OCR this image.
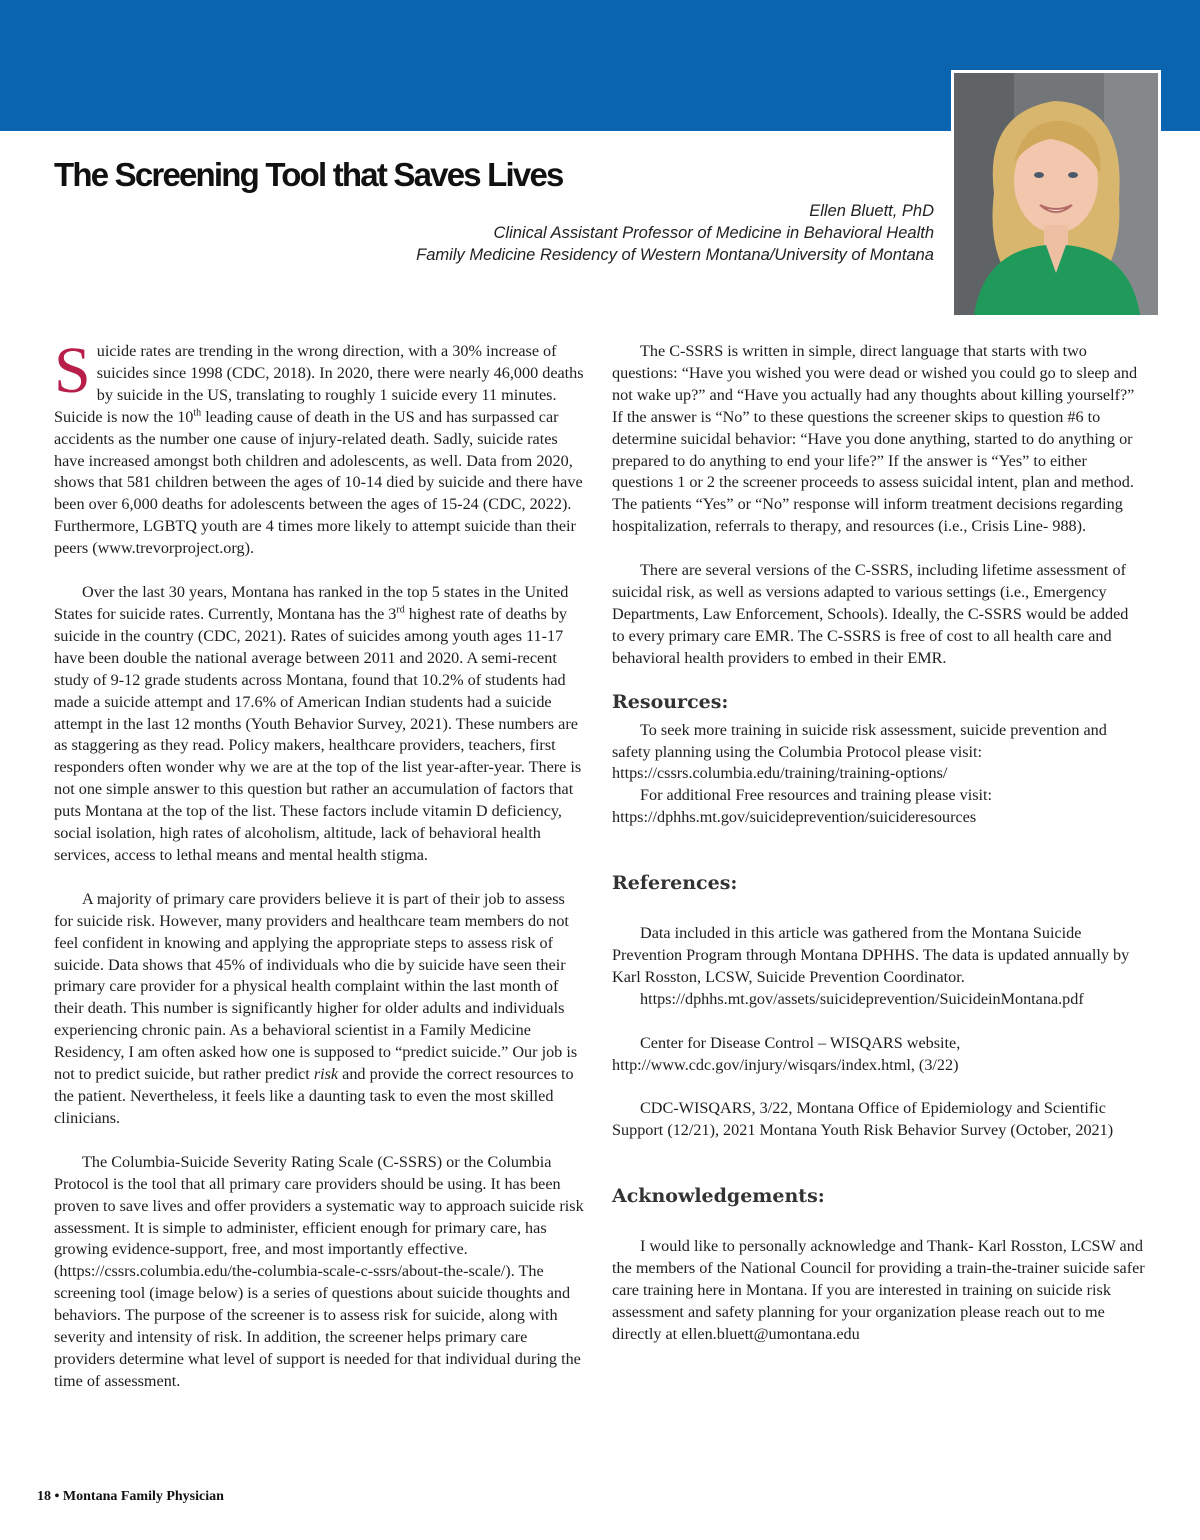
The Screening Tool that Saves Lives
Ellen Bluett, PhD
Clinical Assistant Professor of Medicine in Behavioral Health
Family Medicine Residency of Western Montana/University of Montana

Suicide rates are trending in the wrong direction, with a 30% increase of suicides since 1998 (CDC, 2018). In 2020, there were nearly 46,000 deaths by suicide in the US, translating to roughly 1 suicide every 11 minutes. Suicide is now the 10th leading cause of death in the US and has surpassed car accidents as the number one cause of injury-related death. Sadly, suicide rates have increased amongst both children and adolescents, as well. Data from 2020, shows that 581 children between the ages of 10-14 died by suicide and there have been over 6,000 deaths for adolescents between the ages of 15-24 (CDC, 2022). Furthermore, LGBTQ youth are 4 times more likely to attempt suicide than their peers (www.trevorproject.org).

Over the last 30 years, Montana has ranked in the top 5 states in the United States for suicide rates. Currently, Montana has the 3rd highest rate of deaths by suicide in the country (CDC, 2021). Rates of suicides among youth ages 11-17 have been double the national average between 2011 and 2020. A semi-recent study of 9-12 grade students across Montana, found that 10.2% of students had made a suicide attempt and 17.6% of American Indian students had a suicide attempt in the last 12 months (Youth Behavior Survey, 2021). These numbers are as staggering as they read. Policy makers, healthcare providers, teachers, first responders often wonder why we are at the top of the list year-after-year. There is not one simple answer to this question but rather an accumulation of factors that puts Montana at the top of the list. These factors include vitamin D deficiency, social isolation, high rates of alcoholism, altitude, lack of behavioral health services, access to lethal means and mental health stigma.

A majority of primary care providers believe it is part of their job to assess for suicide risk. However, many providers and healthcare team members do not feel confident in knowing and applying the appropriate steps to assess risk of suicide. Data shows that 45% of individuals who die by suicide have seen their primary care provider for a physical health complaint within the last month of their death. This number is significantly higher for older adults and individuals experiencing chronic pain. As a behavioral scientist in a Family Medicine Residency, I am often asked how one is supposed to “predict suicide.” Our job is not to predict suicide, but rather predict risk and provide the correct resources to the patient. Nevertheless, it feels like a daunting task to even the most skilled clinicians.

The Columbia-Suicide Severity Rating Scale (C-SSRS) or the Columbia Protocol is the tool that all primary care providers should be using. It has been proven to save lives and offer providers a systematic way to approach suicide risk assessment. It is simple to administer, efficient enough for primary care, has growing evidence-support, free, and most importantly effective. (https://cssrs.columbia.edu/the-columbia-scale-c-ssrs/about-the-scale/). The screening tool (image below) is a series of questions about suicide thoughts and behaviors. The purpose of the screener is to assess risk for suicide, along with severity and intensity of risk. In addition, the screener helps primary care providers determine what level of support is needed for that individual during the time of assessment.

The C-SSRS is written in simple, direct language that starts with two questions: “Have you wished you were dead or wished you could go to sleep and not wake up?” and “Have you actually had any thoughts about killing yourself?” If the answer is “No” to these questions the screener skips to question #6 to determine suicidal behavior: “Have you done anything, started to do anything or prepared to do anything to end your life?” If the answer is “Yes” to either questions 1 or 2 the screener proceeds to assess suicidal intent, plan and method. The patients “Yes” or “No” response will inform treatment decisions regarding hospitalization, referrals to therapy, and resources (i.e., Crisis Line- 988).

There are several versions of the C-SSRS, including lifetime assessment of suicidal risk, as well as versions adapted to various settings (i.e., Emergency Departments, Law Enforcement, Schools). Ideally, the C-SSRS would be added to every primary care EMR. The C-SSRS is free of cost to all health care and behavioral health providers to embed in their EMR.

Resources:
To seek more training in suicide risk assessment, suicide prevention and safety planning using the Columbia Protocol please visit:
https://cssrs.columbia.edu/training/training-options/
For additional Free resources and training please visit:
https://dphhs.mt.gov/suicideprevention/suicideresources
References:
Data included in this article was gathered from the Montana Suicide Prevention Program through Montana DPHHS. The data is updated annually by Karl Rosston, LCSW, Suicide Prevention Coordinator.
https://dphhs.mt.gov/assets/suicideprevention/SuicideinMontana.pdf
Center for Disease Control – WISQARS website,
http://www.cdc.gov/injury/wisqars/index.html, (3/22)
CDC-WISQARS, 3/22, Montana Office of Epidemiology and Scientific Support (12/21), 2021 Montana Youth Risk Behavior Survey (October, 2021)
Acknowledgements:
I would like to personally acknowledge and Thank- Karl Rosston, LCSW and the members of the National Council for providing a train-the-trainer suicide safer care training here in Montana. If you are interested in training on suicide risk assessment and safety planning for your organization please reach out to me directly at ellen.bluett@umontana.edu
18 • Montana Family Physician
